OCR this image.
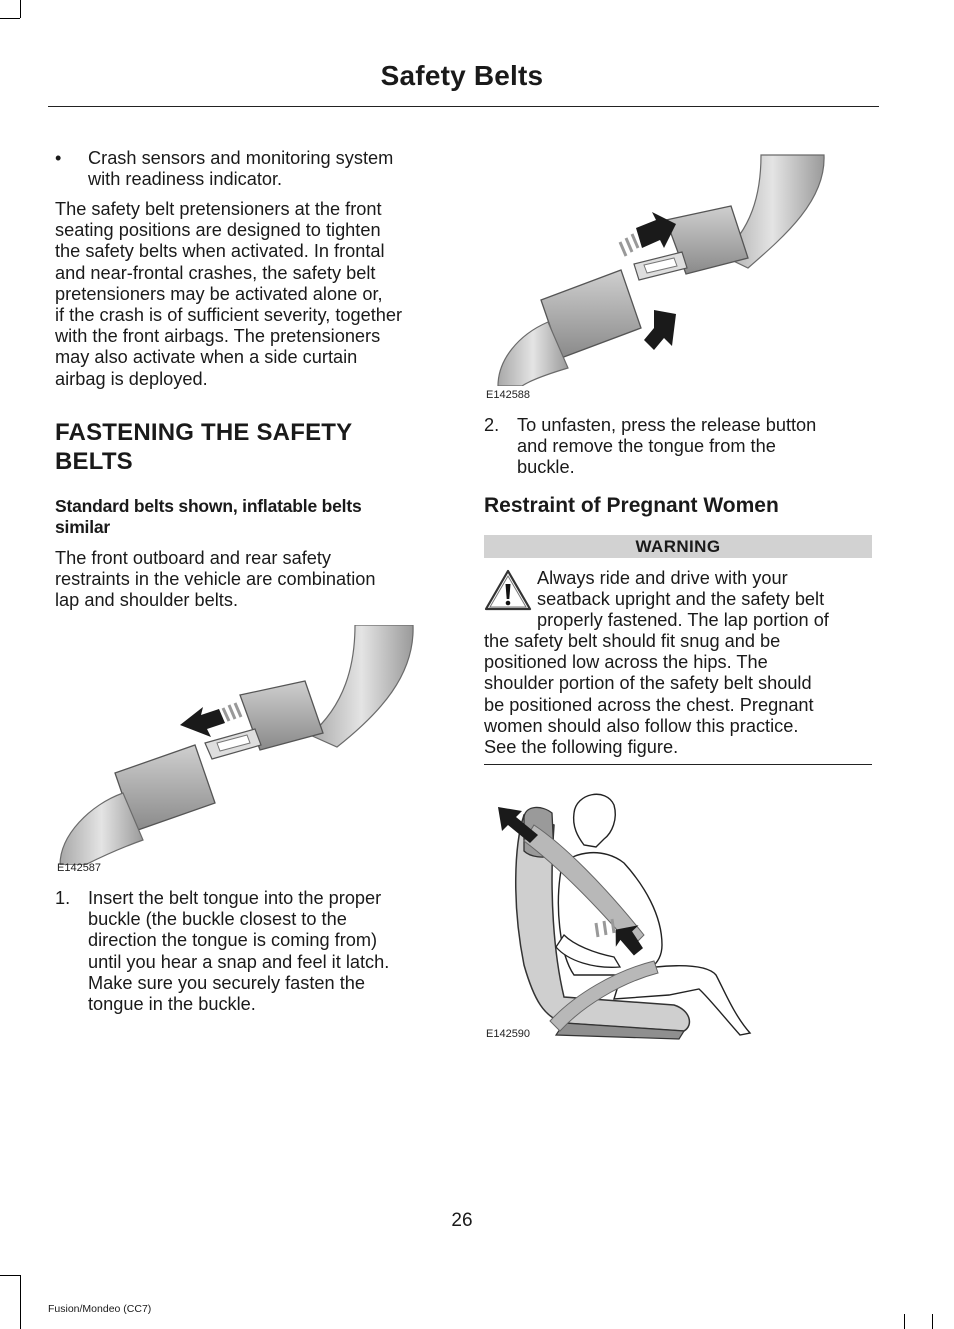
Safety Belts
• Crash sensors and monitoring system
with readiness indicator.
The safety belt pretensioners at the front
seating positions are designed to tighten
the safety belts when activated. In frontal
and near-frontal crashes, the safety belt
pretensioners may be activated alone or,
if the crash is of sufficient severity, together
with the front airbags. The pretensioners
may also activate when a side curtain
airbag is deployed.
FASTENING THE SAFETY
BELTS
Standard belts shown, inflatable belts
similar
The front outboard and rear safety
restraints in the vehicle are combination
lap and shoulder belts.
E142587
1. Insert the belt tongue into the proper
buckle (the buckle closest to the
direction the tongue is coming from)
until you hear a snap and feel it latch.
Make sure you securely fasten the
tongue in the buckle.
E142588
2. To unfasten, press the release button
and remove the tongue from the
buckle.
Restraint of Pregnant Women
WARNING
Always ride and drive with your
seatback upright and the safety belt
properly fastened. The lap portion of
the safety belt should fit snug and be
positioned low across the hips. The
shoulder portion of the safety belt should
be positioned across the chest. Pregnant
women should also follow this practice.
See the following figure.
E142590
26
Fusion/Mondeo (CC7)
